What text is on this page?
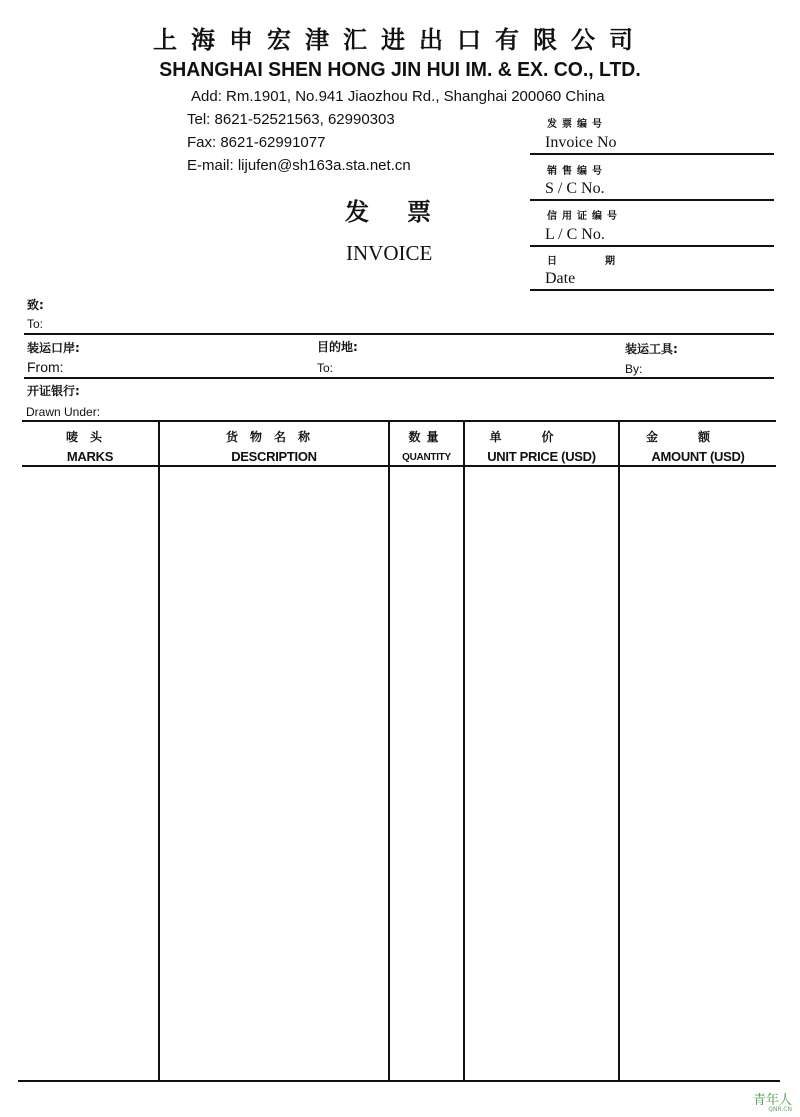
上海申宏津汇进出口有限公司
SHANGHAI SHEN HONG JIN HUI IM. & EX. CO., LTD.
Add: Rm.1901, No.941 Jiaozhou Rd., Shanghai 200060 China
Tel: 8621-52521563, 62990303
Fax: 8621-62991077
E-mail: lijufen@sh163a.sta.net.cn
发票
INVOICE
发票编号
Invoice No
销售编号
S / C No.
信用证编号
L / C No.
日期
Date
致:
To:
装运口岸:
From:
目的地:
To:
装运工具:
By:
开证银行:
Drawn Under:
唛头
MARKS
货物名称
DESCRIPTION
数量
QUANTITY
单价
UNIT PRICE (USD)
金额
AMOUNT (USD)
青年人
QNR.CN
